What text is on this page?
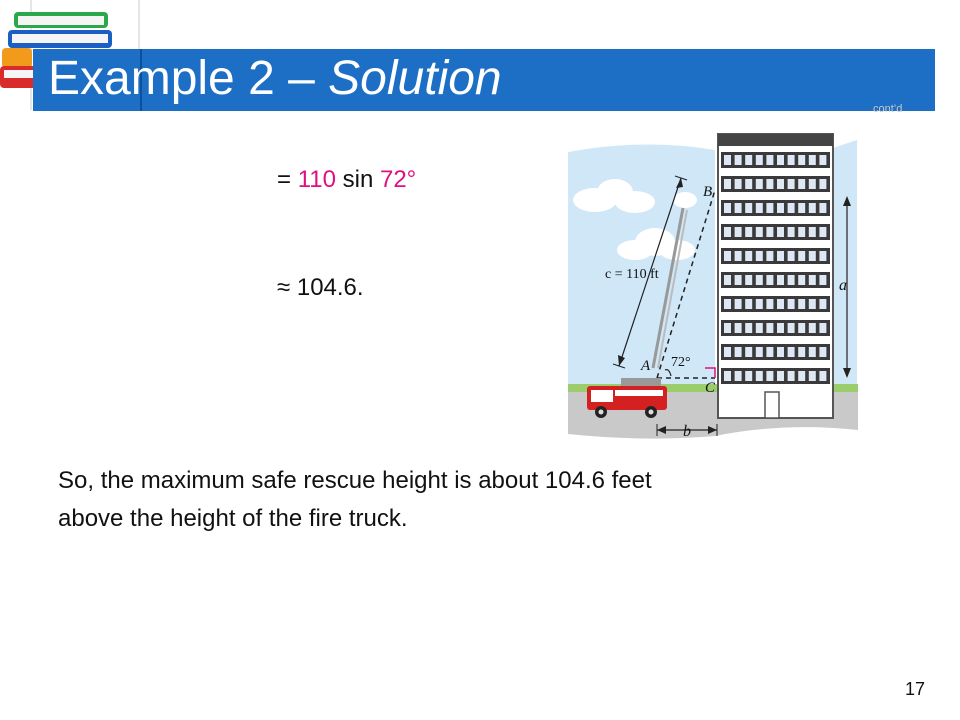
Example 2 – Solution
cont’d
= 110 sin 72°
≈ 104.6.
B
A
C
c = 110 ft
72°
a
b
So, the maximum safe rescue height is about 104.6 feet
above the height of the fire truck.
17
